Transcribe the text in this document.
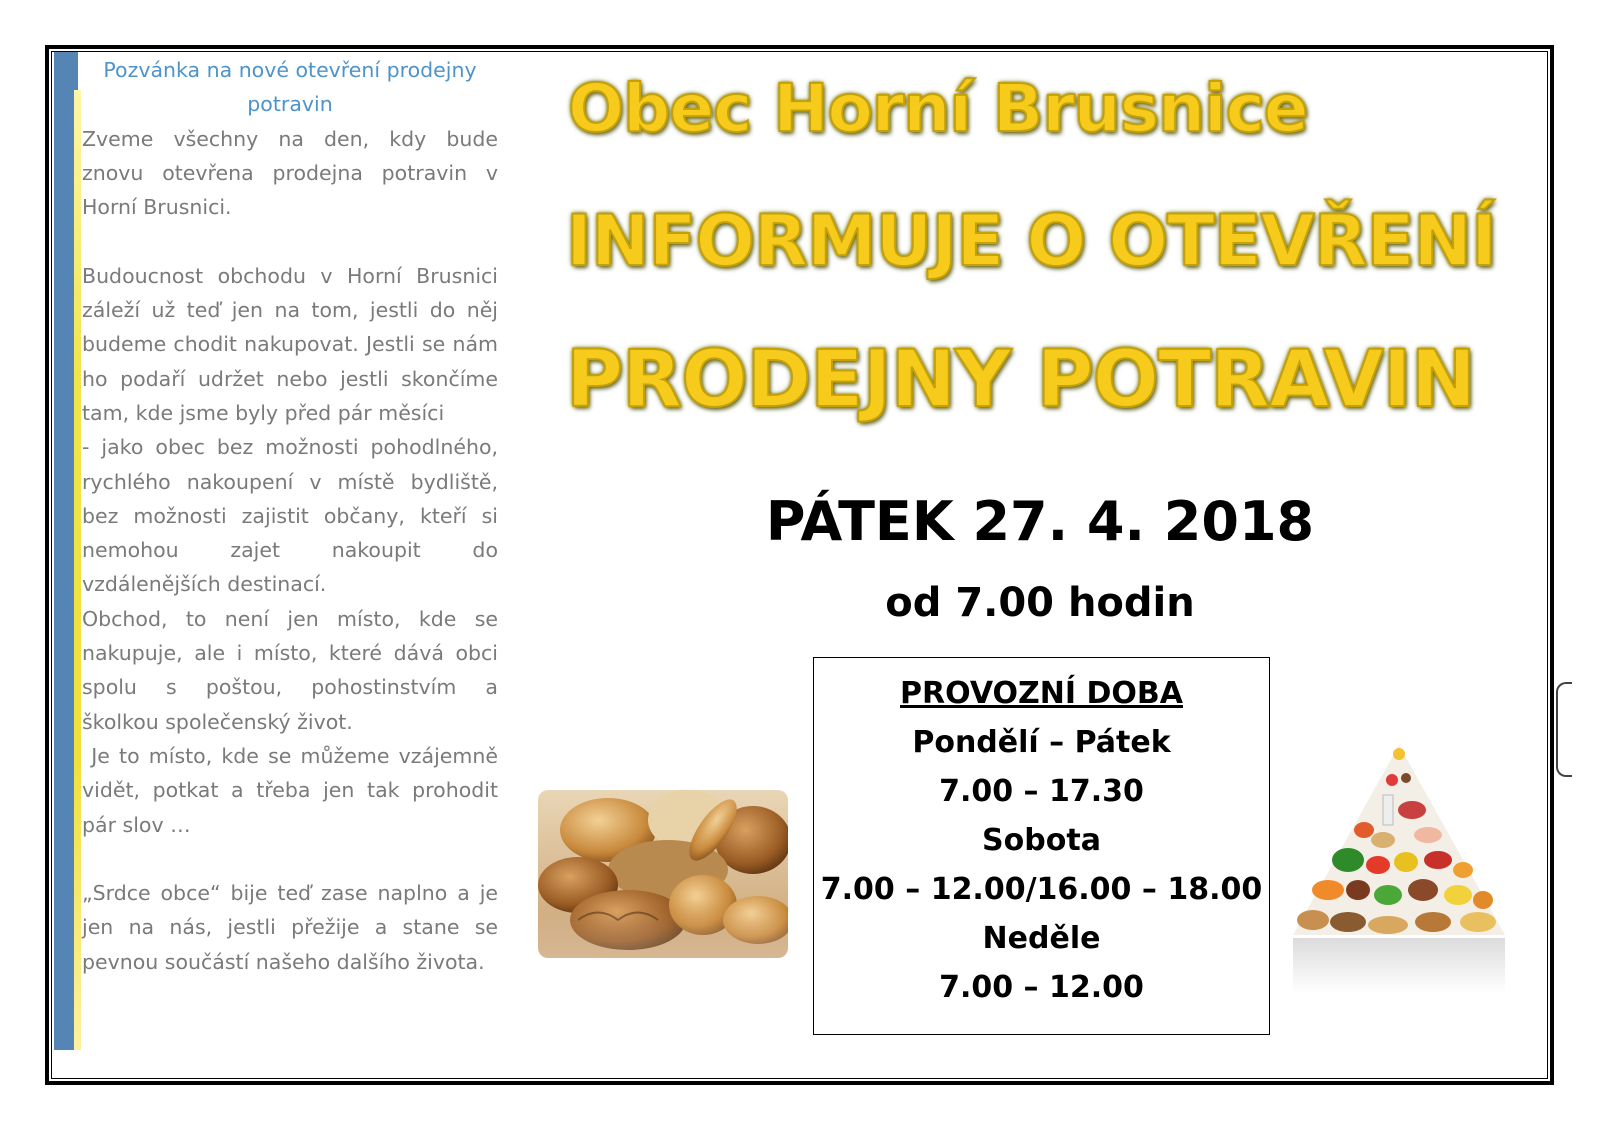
Pozvánka na nové otevření prodejny potravin

Zveme všechny na den, kdy bude znovu otevřena prodejna potravin v Horní Brusnici.

Budoucnost obchodu v Horní Brusnici záleží už teď jen na tom, jestli do něj budeme chodit nakupovat. Jestli se nám ho podaří udržet nebo jestli skončíme tam, kde jsme byly před pár měsíci

- jako obec bez možnosti pohodlného, rychlého nakoupení v místě bydliště, bez možnosti zajistit občany, kteří si nemohou zajet nakoupit do

vzdálenějších destinací.

Obchod, to není jen místo, kde se nakupuje, ale i místo, které dává obci spolu s poštou, pohostinstvím a

školkou společenský život.

Je to místo, kde se můžeme vzájemně vidět, potkat a třeba jen tak prohodit pár slov …

„Srdce obce“ bije teď zase naplno a je jen na nás, jestli přežije a stane se pevnou součástí našeho dalšího života.

Obec Horní Brusnice
INFORMUJE O OTEVŘENÍ
PRODEJNY POTRAVIN
PÁTEK 27. 4. 2018
od 7.00 hodin
PROVOZNÍ DOBA
Pondělí – Pátek
7.00 – 17.30
Sobota
7.00 – 12.00/16.00 – 18.00
Neděle
7.00 – 12.00
